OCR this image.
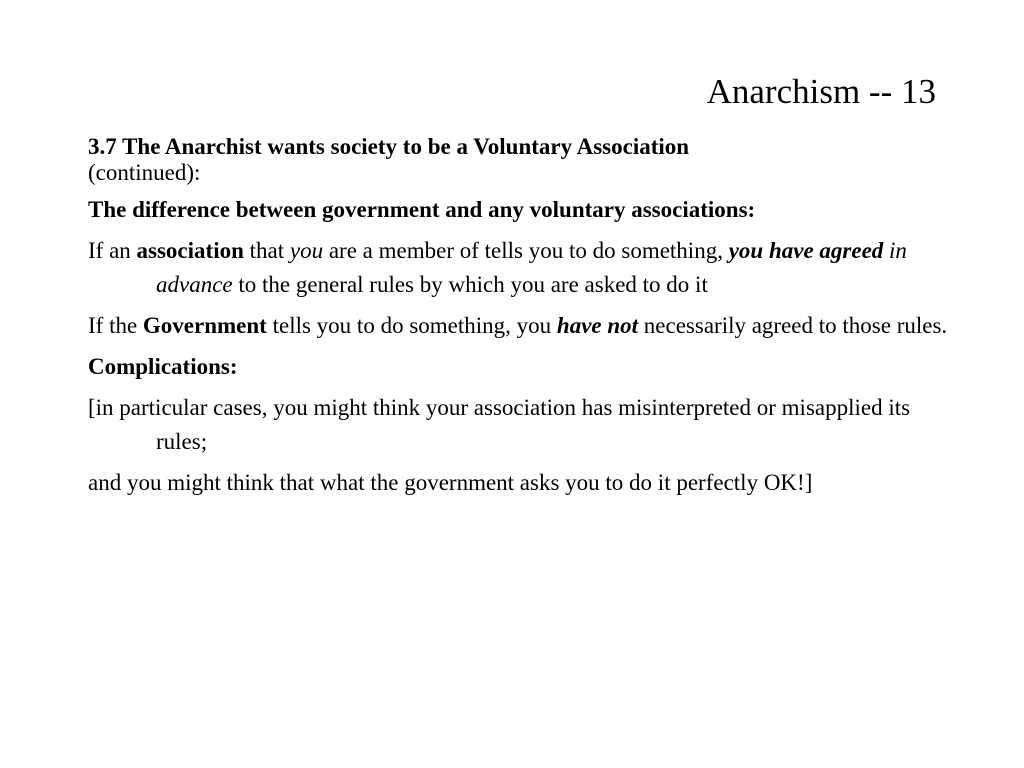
Anarchism -- 13

3.7 The Anarchist wants society to be a Voluntary Association
(continued):

The difference between government and any voluntary associations:

If an association that you are a member of tells you to do something, you have agreed in advance to the general rules by which you are asked to do it

If the Government tells you to do something, you have not necessarily agreed to those rules.

Complications:

[in particular cases, you might think your association has misinterpreted or misapplied its rules;

and you might think that what the government asks you to do it perfectly OK!]
